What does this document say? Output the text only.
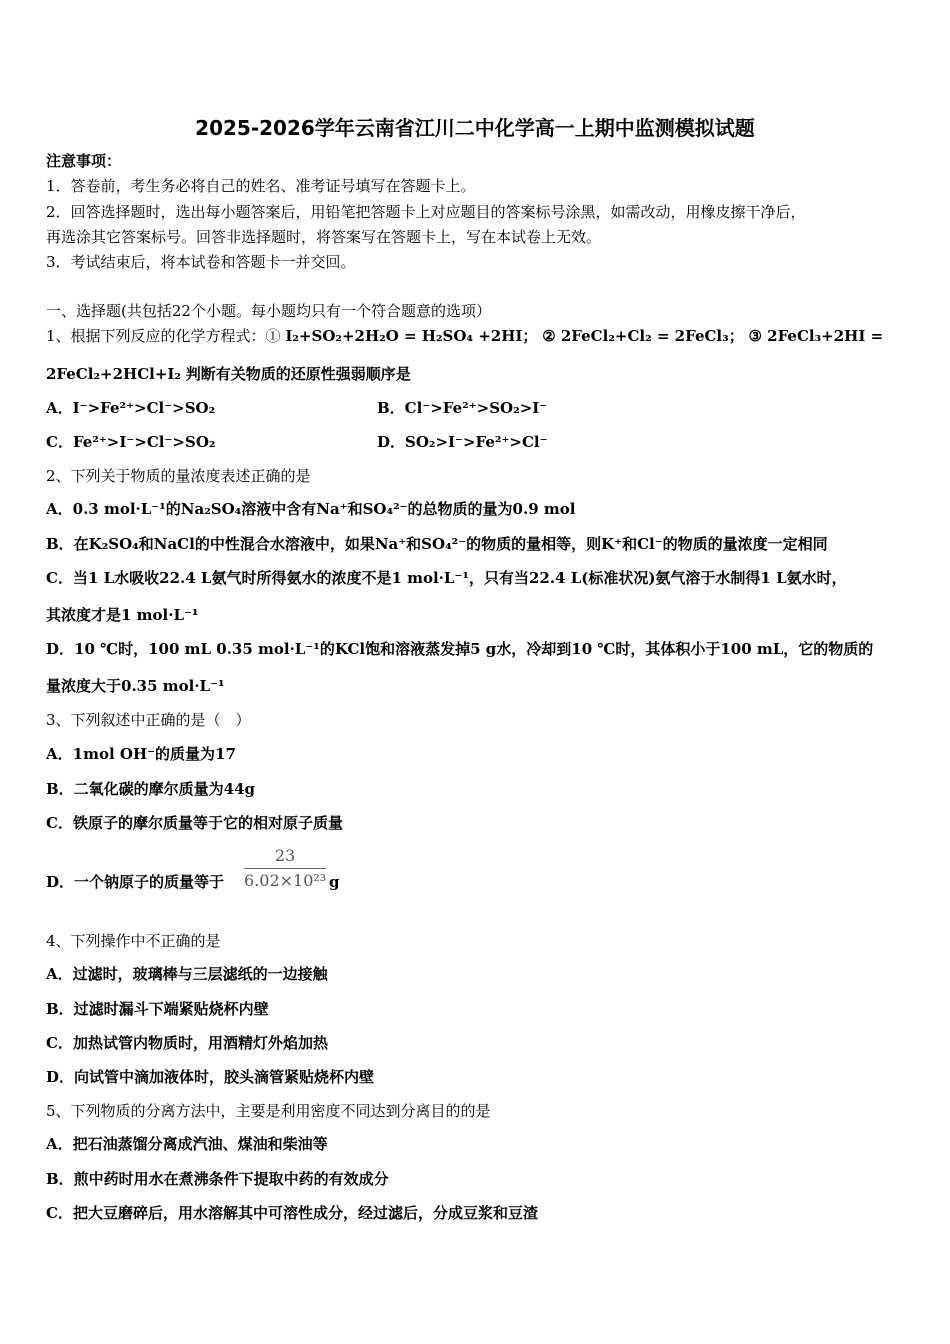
2025-2026学年云南省江川二中化学高一上期中监测模拟试题
注意事项：
1．答卷前，考生务必将自己的姓名、准考证号填写在答题卡上。
2．回答选择题时，选出每小题答案后，用铅笔把答题卡上对应题目的答案标号涂黑，如需改动，用橡皮擦干净后，
再选涂其它答案标号。回答非选择题时，将答案写在答题卡上，写在本试卷上无效。
3．考试结束后，将本试卷和答题卡一并交回。
一、选择题(共包括22个小题。每小题均只有一个符合题意的选项）
1、根据下列反应的化学方程式：① I₂+SO₂+2H₂O = H₂SO₄ +2HI； ② 2FeCl₂+Cl₂ = 2FeCl₃； ③ 2FeCl₃+2HI =
2FeCl₂+2HCl+I₂ 判断有关物质的还原性强弱顺序是
A．I⁻>Fe²⁺>Cl⁻>SO₂	B．Cl⁻>Fe²⁺>SO₂>I⁻
C．Fe²⁺>I⁻>Cl⁻>SO₂	D．SO₂>I⁻>Fe²⁺>Cl⁻
2、下列关于物质的量浓度表述正确的是
A．0.3 mol·L⁻¹的Na₂SO₄溶液中含有Na⁺和SO₄²⁻的总物质的量为0.9 mol
B．在K₂SO₄和NaCl的中性混合水溶液中，如果Na⁺和SO₄²⁻的物质的量相等，则K⁺和Cl⁻的物质的量浓度一定相同
C．当1 L水吸收22.4 L氨气时所得氨水的浓度不是1 mol·L⁻¹，只有当22.4 L(标准状况)氨气溶于水制得1 L氨水时，
其浓度才是1 mol·L⁻¹
D．10 ℃时，100 mL 0.35 mol·L⁻¹的KCl饱和溶液蒸发掉5 g水，冷却到10 ℃时，其体积小于100 mL，它的物质的
量浓度大于0.35 mol·L⁻¹
3、下列叙述中正确的是（　）
A．1mol OH⁻的质量为17
B．二氧化碳的摩尔质量为44g
C．铁原子的摩尔质量等于它的相对原子质量
D．一个钠原子的质量等于
23
6.02×10²³ g
4、下列操作中不正确的是
A．过滤时，玻璃棒与三层滤纸的一边接触
B．过滤时漏斗下端紧贴烧杯内壁
C．加热试管内物质时，用酒精灯外焰加热
D．向试管中滴加液体时，胶头滴管紧贴烧杯内壁
5、下列物质的分离方法中，主要是利用密度不同达到分离目的的是
A．把石油蒸馏分离成汽油、煤油和柴油等
B．煎中药时用水在煮沸条件下提取中药的有效成分
C．把大豆磨碎后，用水溶解其中可溶性成分，经过滤后，分成豆浆和豆渣
